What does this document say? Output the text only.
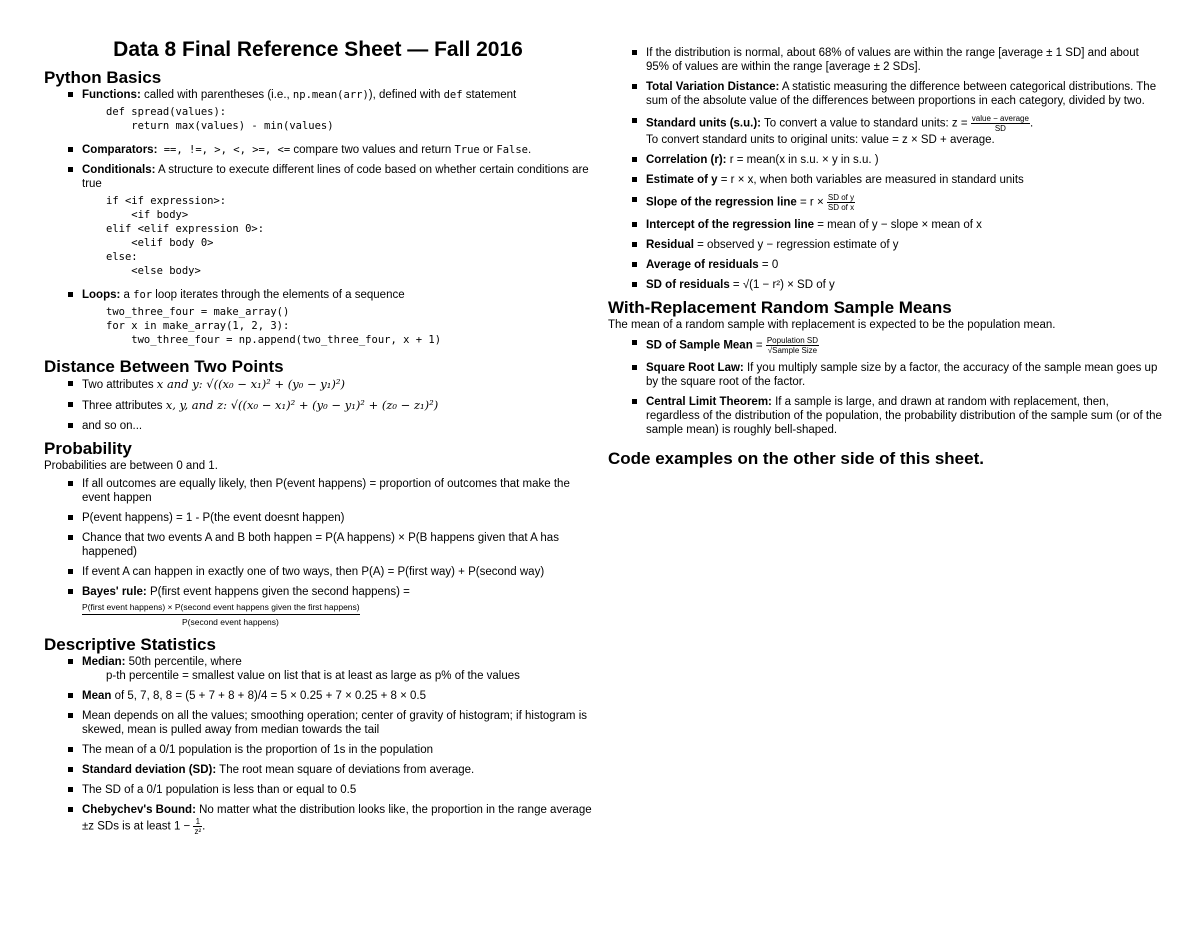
Data 8 Final Reference Sheet — Fall 2016
Python Basics
Functions: called with parentheses (i.e., np.mean(arr)), defined with def statement
def spread(values):
return max(values) - min(values)
Comparators: ==, !=, >, <, >=, <= compare two values and return True or False.
Conditionals: A structure to execute different lines of code based on whether certain conditions are true
if <if expression>:
<if body>
elif <elif expression 0>:
<elif body 0>
else:
<else body>
Loops: a for loop iterates through the elements of a sequence
two_three_four = make_array()
for x in make_array(1, 2, 3):
two_three_four = np.append(two_three_four, x + 1)
Distance Between Two Points
Two attributes x and y: √((x₀ − x₁)² + (y₀ − y₁)²)
Three attributes x, y, and z: √((x₀ − x₁)² + (y₀ − y₁)² + (z₀ − z₁)²)
and so on...
Probability
Probabilities are between 0 and 1.
If all outcomes are equally likely, then P(event happens) = proportion of outcomes that make the event happen
P(event happens) = 1 - P(the event doesnt happen)
Chance that two events A and B both happen = P(A happens) × P(B happens given that A has happened)
If event A can happen in exactly one of two ways, then P(A) = P(first way) + P(second way)
Bayes' rule: P(first event happens given the second happens) =
P(first event happens) × P(second event happens given the first happens)
P(second event happens)
Descriptive Statistics
Median: 50th percentile, where
p-th percentile = smallest value on list that is at least as large as p% of the values
Mean of 5, 7, 8, 8 = (5 + 7 + 8 + 8)/4 = 5 × 0.25 + 7 × 0.25 + 8 × 0.5
Mean depends on all the values; smoothing operation; center of gravity of histogram; if histogram is skewed, mean is pulled away from median towards the tail
The mean of a 0/1 population is the proportion of 1s in the population
Standard deviation (SD): The root mean square of deviations from average.
The SD of a 0/1 population is less than or equal to 0.5
Chebychev's Bound: No matter what the distribution looks like, the proportion in the range average ±z SDs is at least $1 - \frac{1}{\text{z²}}$ .
If the distribution is normal, about 68% of values are within the range [average ± 1 SD] and about 95% of values are within the range [average ± 2 SDs].
Total Variation Distance: A statistic measuring the difference between categorical distributions. The sum of the absolute value of the differences between proportions in each category, divided by two.
Standard units (s.u.): To convert a value to standard units: $z = \frac{\text{value − average}}{SD}$ .
To convert standard units to original units: value = z × SD + average.
Correlation (r): r = mean(x in s.u. × y in s.u. )
Estimate of y = r × x, when both variables are measured in standard units
Slope of the regression line = $r \times \frac{\text{SD of y}}{\text{SD of x}}$
Intercept of the regression line = mean of y − slope × mean of x
Residual = observed y − regression estimate of y
Average of residuals = 0
SD of residuals = √(1 − r²) × SD of y
With-Replacement Random Sample Means
The mean of a random sample with replacement is expected to be the population mean.
SD of Sample Mean = $\frac{\text{Population SD}}{\text{√Sample Size}}$
Square Root Law: If you multiply sample size by a factor, the accuracy of the sample mean goes up by the square root of the factor.
Central Limit Theorem: If a sample is large, and drawn at random with replacement, then, regardless of the distribution of the population, the probability distribution of the sample sum (or of the sample mean) is roughly bell-shaped.
Code examples on the other side of this sheet.
